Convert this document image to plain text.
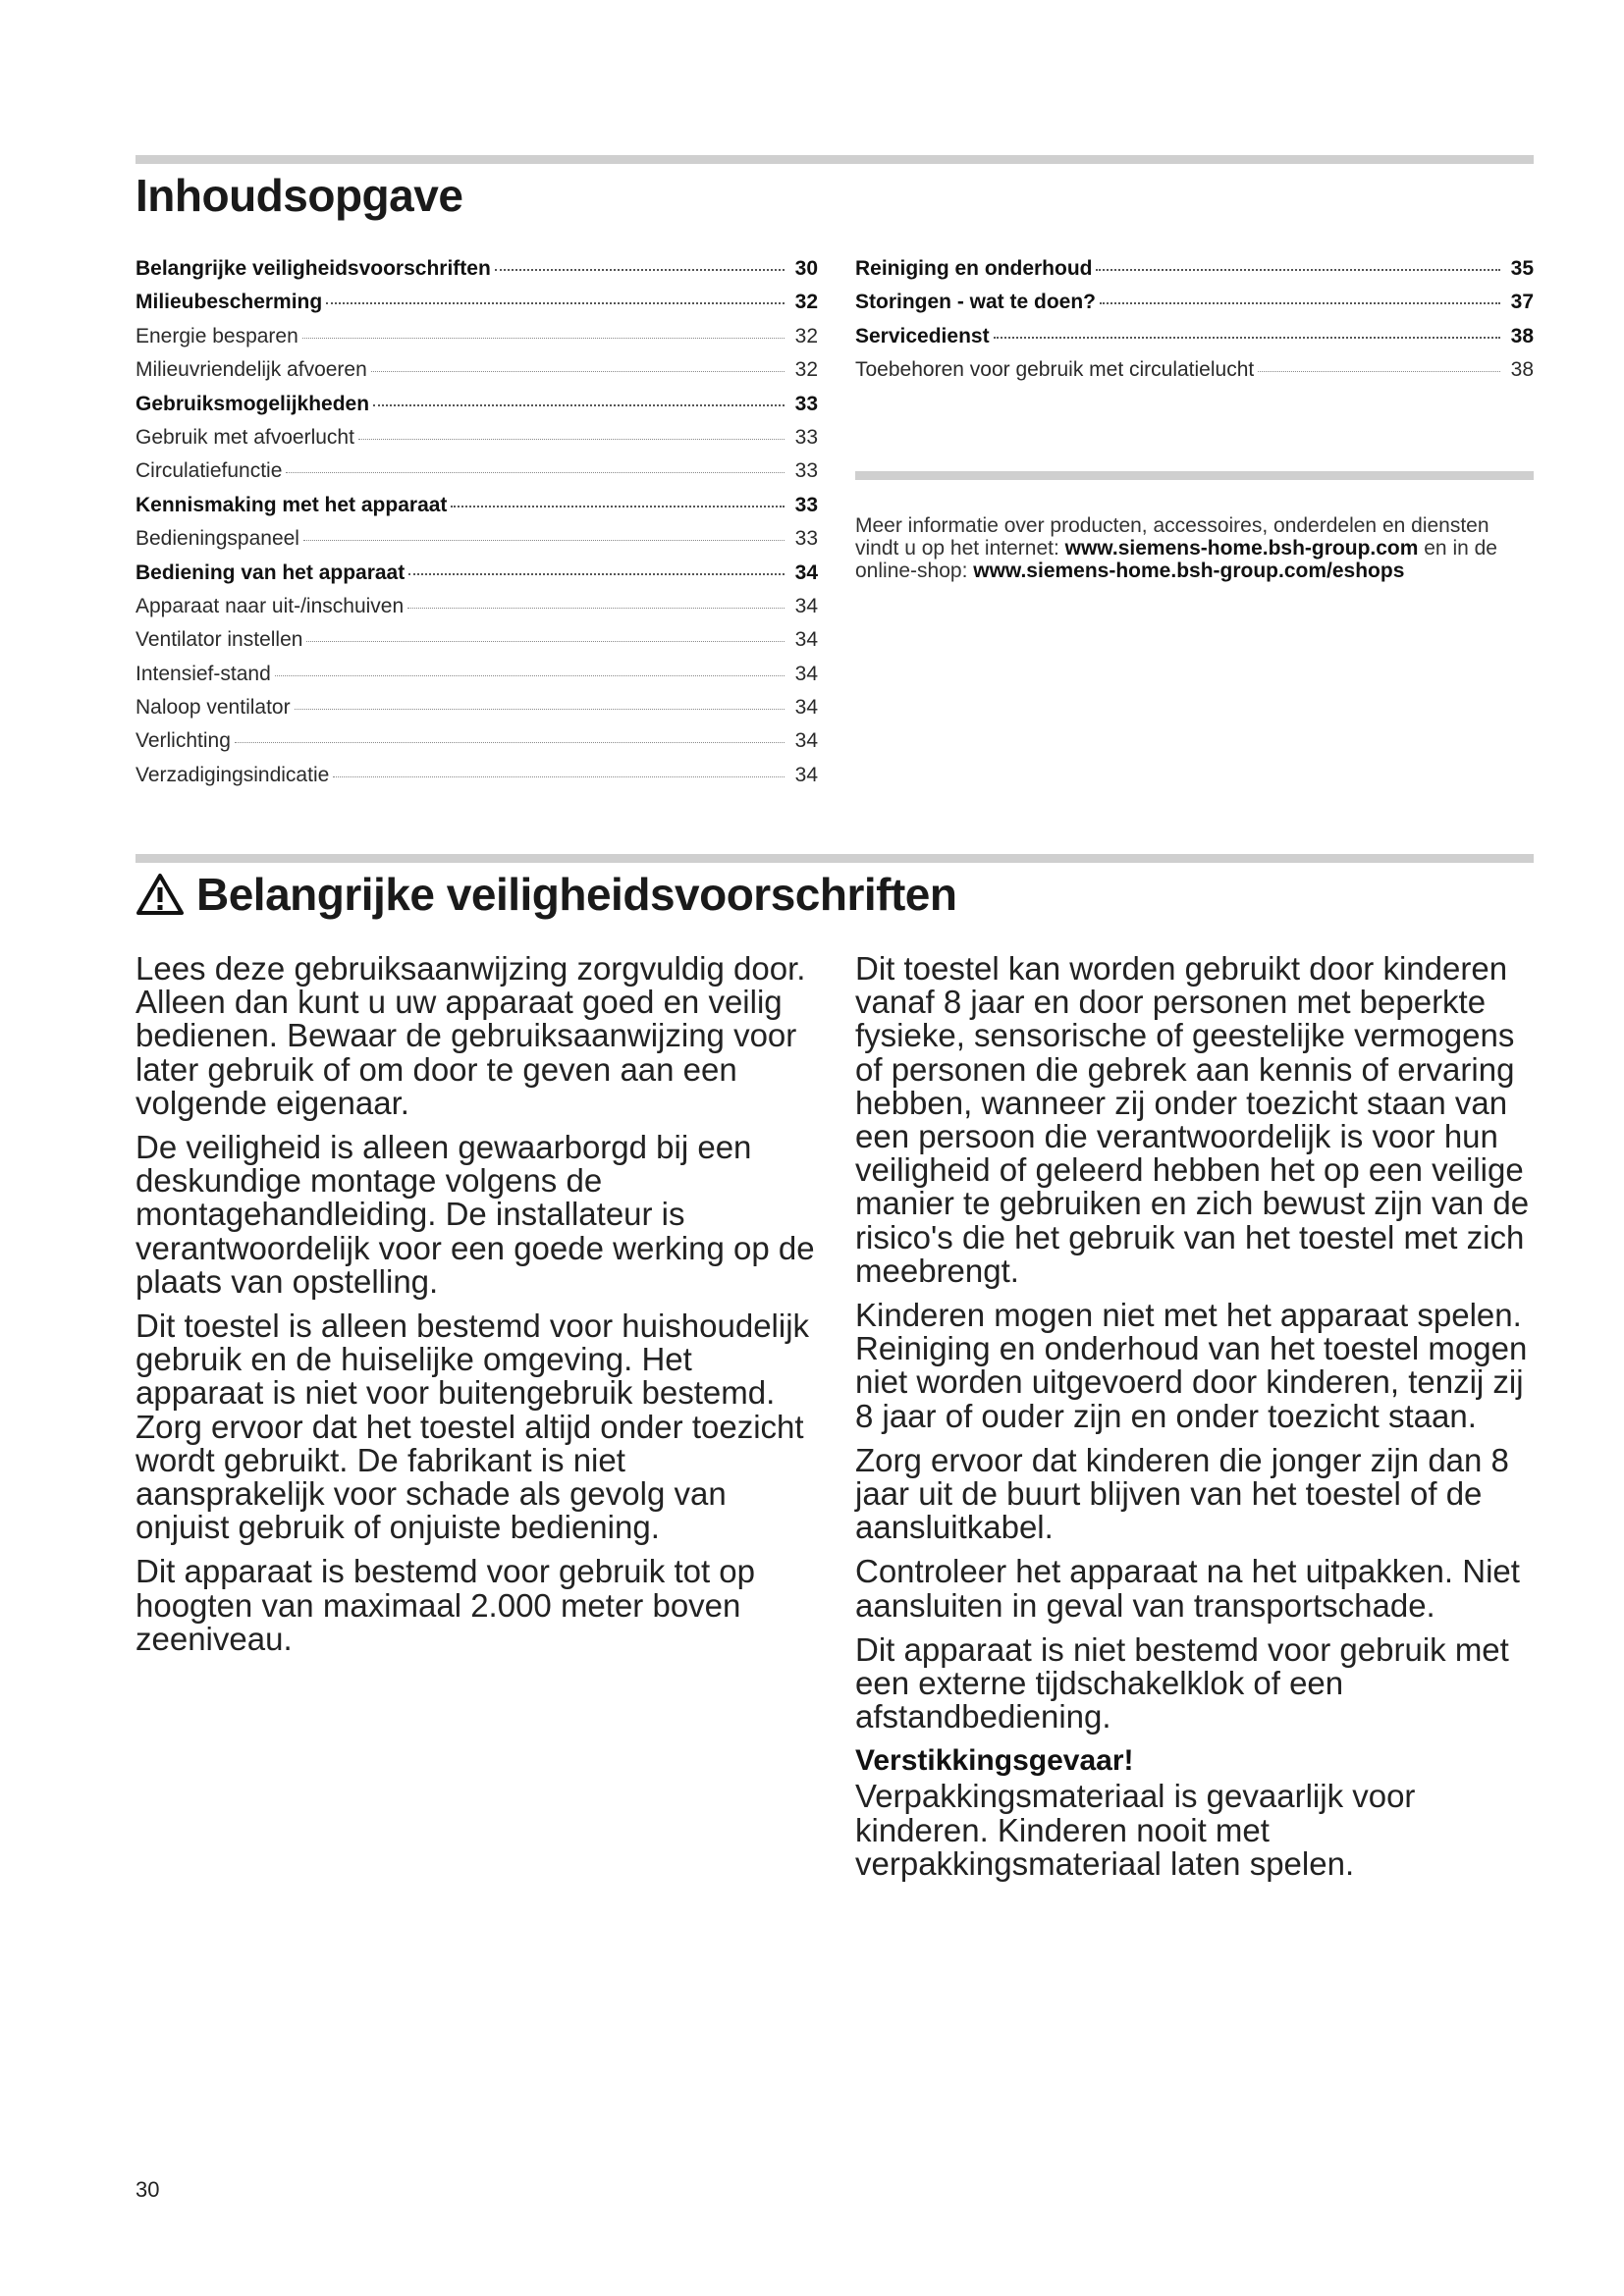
Inhoudsopgave
Belangrijke veiligheidsvoorschriften	30
Milieubescherming	32
Energie besparen	32
Milieuvriendelijk afvoeren	32
Gebruiksmogelijkheden	33
Gebruik met afvoerlucht	33
Circulatiefunctie	33
Kennismaking met het apparaat	33
Bedieningspaneel	33
Bediening van het apparaat	34
Apparaat naar uit-/inschuiven	34
Ventilator instellen	34
Intensief-stand	34
Naloop ventilator	34
Verlichting	34
Verzadigingsindicatie	34
Reiniging en onderhoud	35
Storingen - wat te doen?	37
Servicedienst	38
Toebehoren voor gebruik met circulatielucht	38
Meer informatie over producten, accessoires, onderdelen en diensten vindt u op het internet: www.siemens-home.bsh-group.com en in de online-shop: www.siemens-home.bsh-group.com/eshops
Belangrijke veiligheidsvoorschriften

Lees deze gebruiksaanwijzing zorgvuldig door. Alleen dan kunt u uw apparaat goed en veilig bedienen. Bewaar de gebruiksaanwijzing voor later gebruik of om door te geven aan een volgende eigenaar.

De veiligheid is alleen gewaarborgd bij een deskundige montage volgens de montagehandleiding. De installateur is verantwoordelijk voor een goede werking op de plaats van opstelling.

Dit toestel is alleen bestemd voor huishoudelijk gebruik en de huiselijke omgeving. Het apparaat is niet voor buitengebruik bestemd. Zorg ervoor dat het toestel altijd onder toezicht wordt gebruikt. De fabrikant is niet aansprakelijk voor schade als gevolg van onjuist gebruik of onjuiste bediening.

Dit apparaat is bestemd voor gebruik tot op hoogten van maximaal 2.000 meter boven zeeniveau.

Dit toestel kan worden gebruikt door kinderen vanaf 8 jaar en door personen met beperkte fysieke, sensorische of geestelijke vermogens of personen die gebrek aan kennis of ervaring hebben, wanneer zij onder toezicht staan van een persoon die verantwoordelijk is voor hun veiligheid of geleerd hebben het op een veilige manier te gebruiken en zich bewust zijn van de risico's die het gebruik van het toestel met zich meebrengt.

Kinderen mogen niet met het apparaat spelen. Reiniging en onderhoud van het toestel mogen niet worden uitgevoerd door kinderen, tenzij zij 8 jaar of ouder zijn en onder toezicht staan.

Zorg ervoor dat kinderen die jonger zijn dan 8 jaar uit de buurt blijven van het toestel of de aansluitkabel.

Controleer het apparaat na het uitpakken. Niet aansluiten in geval van transportschade.

Dit apparaat is niet bestemd voor gebruik met een externe tijdschakelklok of een afstandbediening.

Verstikkingsgevaar!

Verpakkingsmateriaal is gevaarlijk voor kinderen. Kinderen nooit met verpakkingsmateriaal laten spelen.

30
